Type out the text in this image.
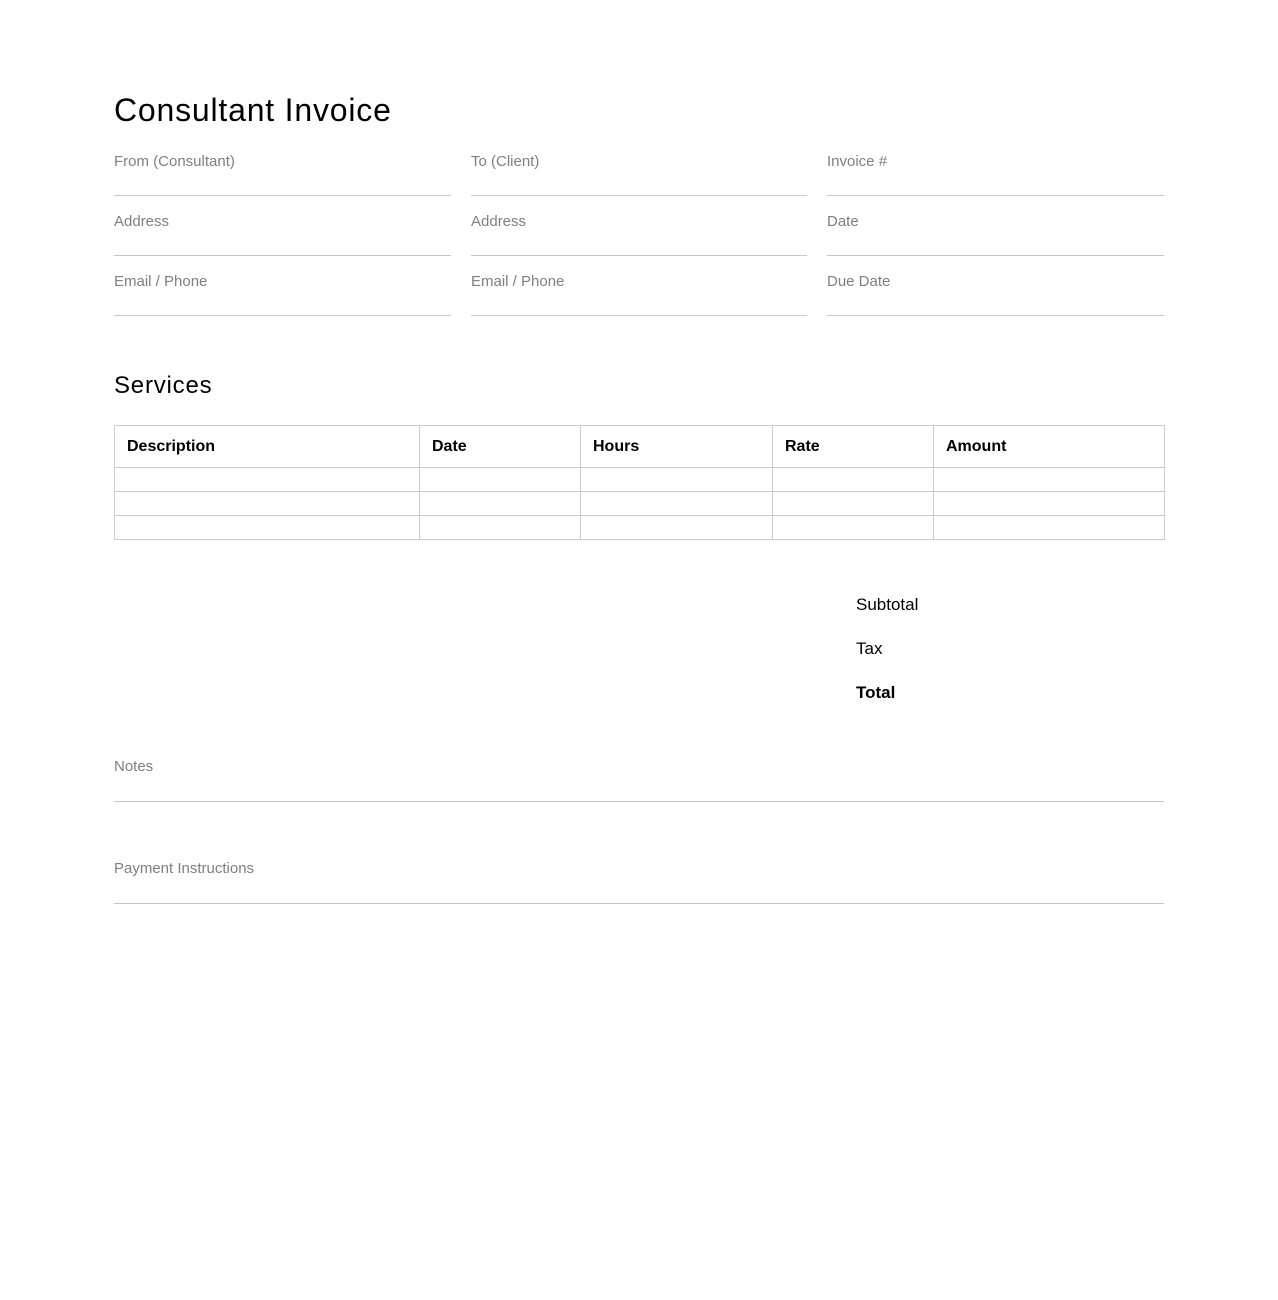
Consultant Invoice
From (Consultant)	To (Client)	Invoice #
Address	Address	Date
Email / Phone	Email / Phone	Due Date
Services
Description	Date	Hours	Rate	Amount

Subtotal
Tax
Total
Notes
Payment Instructions
